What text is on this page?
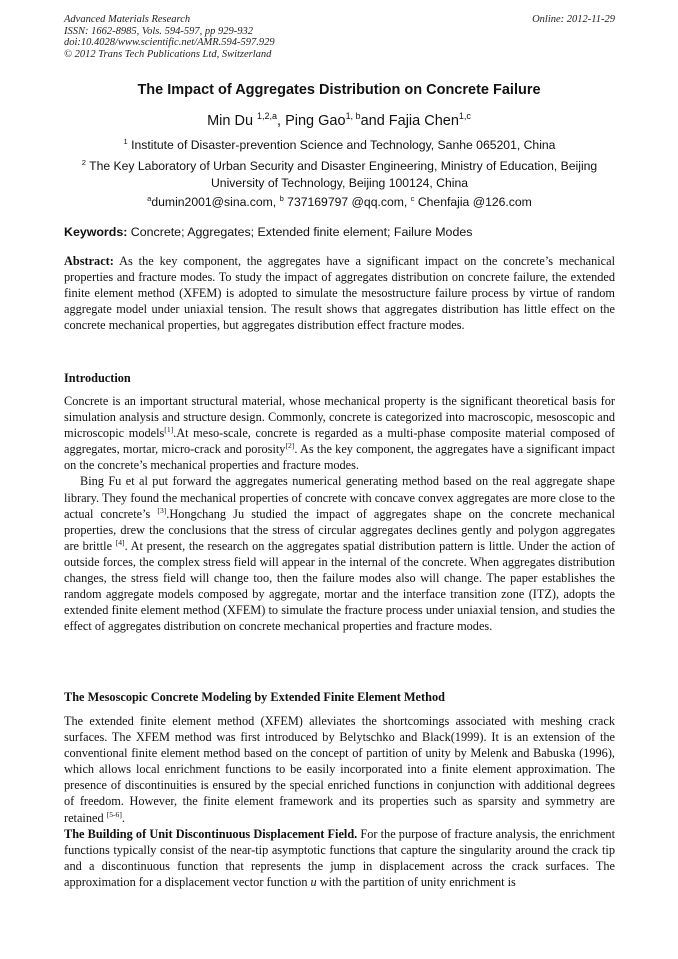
Advanced Materials Research
ISSN: 1662-8985, Vols. 594-597, pp 929-932
doi:10.4028/www.scientific.net/AMR.594-597.929
© 2012 Trans Tech Publications Ltd, Switzerland
Online: 2012-11-29
The Impact of Aggregates Distribution on Concrete Failure
Min Du $^{1,2,a}$, Ping Gao$^{1, b}$and Fajia Chen$^{1,c}$
$^1$ Institute of Disaster-prevention Science and Technology, Sanhe 065201, China
$^2$ The Key Laboratory of Urban Security and Disaster Engineering, Ministry of Education, Beijing University of Technology, Beijing 100124, China
$^a$dumin2001@sina.com, $^b$ 737169797 @qq.com, $^c$ Chenfajia @126.com
Keywords: Concrete; Aggregates; Extended finite element; Failure Modes
Abstract: As the key component, the aggregates have a significant impact on the concrete’s mechanical properties and fracture modes. To study the impact of aggregates distribution on concrete failure, the extended finite element method (XFEM) is adopted to simulate the mesostructure failure process by virtue of random aggregate model under uniaxial tension. The result shows that aggregates distribution has little effect on the concrete mechanical properties, but aggregates distribution effect fracture modes.
Introduction

Concrete is an important structural material, whose mechanical property is the significant theoretical basis for simulation analysis and structure design. Commonly, concrete is categorized into macroscopic, mesoscopic and microscopic models[1].At meso-scale, concrete is regarded as a multi-phase composite material composed of aggregates, mortar, micro-crack and porosity[2]. As the key component, the aggregates have a significant impact on the concrete’s mechanical properties and fracture modes.

Bing Fu et al put forward the aggregates numerical generating method based on the real aggregate shape library. They found the mechanical properties of concrete with concave convex aggregates are more close to the actual concrete’s [3].Hongchang Ju studied the impact of aggregates shape on the concrete mechanical properties, drew the conclusions that the stress of circular aggregates declines gently and polygon aggregates are brittle [4]. At present, the research on the aggregates spatial distribution pattern is little. Under the action of outside forces, the complex stress field will appear in the internal of the concrete. When aggregates distribution changes, the stress field will change too, then the failure modes also will change. The paper establishes the random aggregate models composed by aggregate, mortar and the interface transition zone (ITZ), adopts the extended finite element method (XFEM) to simulate the fracture process under uniaxial tension, and studies the effect of aggregates distribution on concrete mechanical properties and fracture modes.

The Mesoscopic Concrete Modeling by Extended Finite Element Method

The extended finite element method (XFEM) alleviates the shortcomings associated with meshing crack surfaces. The XFEM method was first introduced by Belytschko and Black(1999). It is an extension of the conventional finite element method based on the concept of partition of unity by Melenk and Babuska (1996), which allows local enrichment functions to be easily incorporated into a finite element approximation. The presence of discontinuities is ensured by the special enriched functions in conjunction with additional degrees of freedom. However, the finite element framework and its properties such as sparsity and symmetry are retained [5-6].

The Building of Unit Discontinuous Displacement Field. For the purpose of fracture analysis, the enrichment functions typically consist of the near-tip asymptotic functions that capture the singularity around the crack tip and a discontinuous function that represents the jump in displacement across the crack surfaces. The approximation for a displacement vector function u with the partition of unity enrichment is
